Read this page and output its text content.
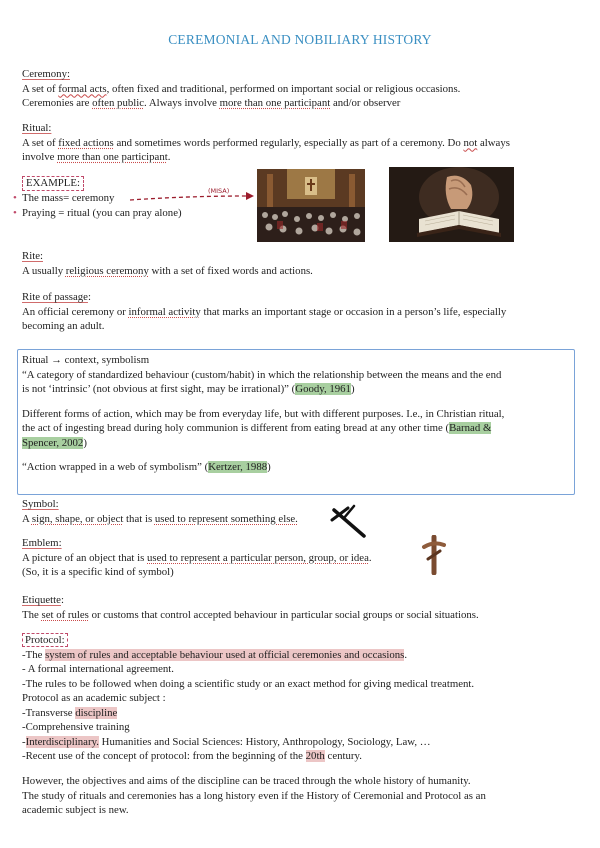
CEREMONIAL AND NOBILIARY HISTORY

Ceremony:

A set of formal acts, often fixed and traditional, performed on important social or religious occasions.

Ceremonies are often public. Always involve more than one participant and/or observer

Ritual:

A set of fixed actions and sometimes words performed regularly, especially as part of a ceremony. Do not always

involve more than one participant.

EXAMPLE:

• The mass= ceremony

• Praying = ritual (you can pray alone)

(MISA)

Rite:

A usually religious ceremony with a set of fixed words and actions.

Rite of passage:

An official ceremony or informal activity that marks an important stage or occasion in a person’s life, especially

becoming an adult.

Ritual → context, symbolism

“A category of standardized behaviour (custom/habit) in which the relationship between the means and the end

is not ‘intrinsic’ (not obvious at first sight, may be irrational)” (Goody, 1961)

Different forms of action, which may be from everyday life, but with different purposes. I.e., in Christian ritual,

the act of ingesting bread during holy communion is different from eating bread at any other time (Barnad &

Spencer, 2002)

“Action wrapped in a web of symbolism” (Kertzer, 1988)

Symbol:

A sign, shape, or object that is used to represent something else.

Emblem:

A picture of an object that is used to represent a particular person, group, or idea.

(So, it is a specific kind of symbol)

Etiquette:

The set of rules or customs that control accepted behaviour in particular social groups or social situations.

Protocol:

-The system of rules and acceptable behaviour used at official ceremonies and occasions.

- A formal international agreement.

-The rules to be followed when doing a scientific study or an exact method for giving medical treatment.

Protocol as an academic subject :

-Transverse discipline

-Comprehensive training

-Interdisciplinary. Humanities and Social Sciences: History, Anthropology, Sociology, Law, …

-Recent use of the concept of protocol: from the beginning of the 20th century.

However, the objectives and aims of the discipline can be traced through the whole history of humanity.

The study of rituals and ceremonies has a long history even if the History of Ceremonial and Protocol as an

academic subject is new.
